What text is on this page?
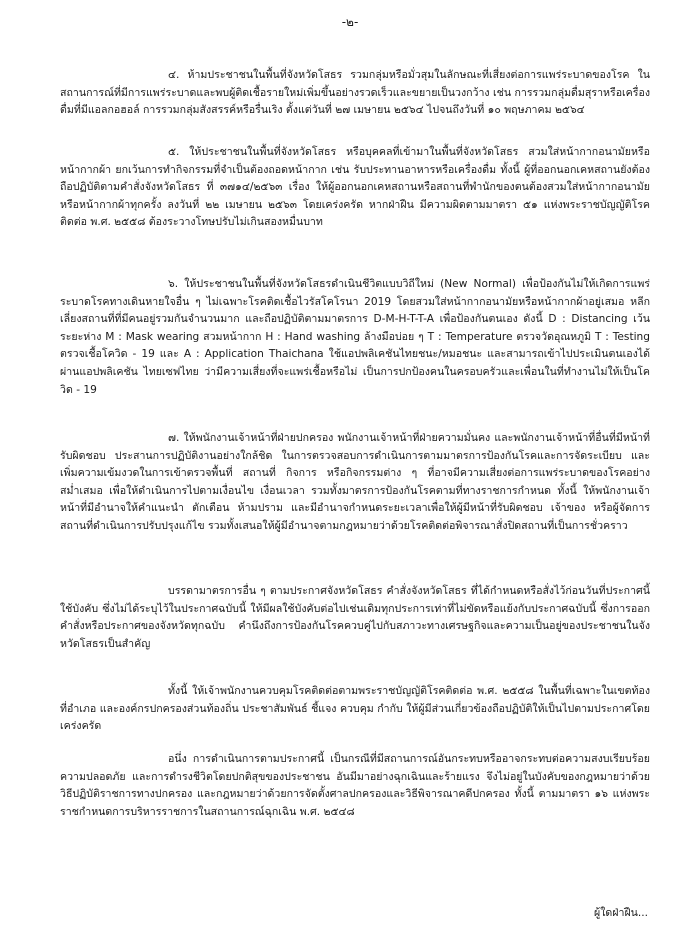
-๒-

๔. ห้ามประชาชนในพื้นที่จังหวัดโสธร รวมกลุ่มหรือมั่วสุมในลักษณะที่เสี่ยงต่อการแพร่ระบาดของโรค ในสถานการณ์ที่มีการแพร่ระบาดและพบผู้ติดเชื้อรายใหม่เพิ่มขึ้นอย่างรวดเร็วและขยายเป็นวงกว้าง เช่น การรวมกลุ่มดื่มสุราหรือเครื่องดื่มที่มีแอลกอฮอล์ การรวมกลุ่มสังสรรค์หรือรื่นเริง ตั้งแต่วันที่ ๒๗ เมษายน ๒๕๖๔ ไปจนถึงวันที่ ๑๐ พฤษภาคม ๒๕๖๔

๕. ให้ประชาชนในพื้นที่จังหวัดโสธร หรือบุคคลที่เข้ามาในพื้นที่จังหวัดโสธร สวมใส่หน้ากากอนามัยหรือหน้ากากผ้า ยกเว้นการทำกิจกรรมที่จำเป็นต้องถอดหน้ากาก เช่น รับประทานอาหารหรือเครื่องดื่ม ทั้งนี้ ผู้ที่ออกนอกเคหสถานยังต้องถือปฏิบัติตามคำสั่งจังหวัดโสธร ที่ ๓๗๑๔/๒๕๖๓ เรื่อง ให้ผู้ออกนอกเคหสถานหรือสถานที่พำนักของตนต้องสวมใส่หน้ากากอนามัยหรือหน้ากากผ้าทุกครั้ง ลงวันที่ ๒๒ เมษายน ๒๕๖๓ โดยเคร่งครัด หากฝ่าฝืน มีความผิดตามมาตรา ๕๑ แห่งพระราชบัญญัติโรคติดต่อ พ.ศ. ๒๕๕๘ ต้องระวางโทษปรับไม่เกินสองหมื่นบาท

๖. ให้ประชาชนในพื้นที่จังหวัดโสธรดำเนินชีวิตแบบวิถีใหม่ (New Normal) เพื่อป้องกันไม่ให้เกิดการแพร่ระบาดโรคทางเดินหายใจอื่น ๆ ไม่เฉพาะโรคติดเชื้อไวรัสโคโรนา 2019 โดยสวมใส่หน้ากากอนามัยหรือหน้ากากผ้าอยู่เสมอ หลีกเลี่ยงสถานที่ที่มีคนอยู่รวมกันจำนวนมาก และถือปฏิบัติตามมาตรการ D-M-H-T-T-A เพื่อป้องกันตนเอง ดังนี้ D : Distancing เว้นระยะห่าง M : Mask wearing สวมหน้ากาก H : Hand washing ล้างมือบ่อย ๆ T : Temperature ตรวจวัดอุณหภูมิ T : Testing ตรวจเชื้อโควิด - 19 และ A : Application Thaichana ใช้แอปพลิเคชันไทยชนะ/หมอชนะ และสามารถเข้าไปประเมินตนเองได้ผ่านแอปพลิเคชัน ไทยเซฟไทย ว่ามีความเสี่ยงที่จะแพร่เชื้อหรือไม่ เป็นการปกป้องคนในครอบครัวและเพื่อนในที่ทำงานไม่ให้เป็นโควิด - 19

๗. ให้พนักงานเจ้าหน้าที่ฝ่ายปกครอง พนักงานเจ้าหน้าที่ฝ่ายความมั่นคง และพนักงานเจ้าหน้าที่อื่นที่มีหน้าที่รับผิดชอบ ประสานการปฏิบัติงานอย่างใกล้ชิด ในการตรวจสอบการดำเนินการตามมาตรการป้องกันโรคและการจัดระเบียบ และเพิ่มความเข้มงวดในการเข้าตรวจพื้นที่ สถานที่ กิจการ หรือกิจกรรมต่าง ๆ ที่อาจมีความเสี่ยงต่อการแพร่ระบาดของโรคอย่างสม่ำเสมอ เพื่อให้ดำเนินการไปตามเงื่อนไข เงื่อนเวลา รวมทั้งมาตรการป้องกันโรคตามที่ทางราชการกำหนด ทั้งนี้ ให้พนักงานเจ้าหน้าที่มีอำนาจให้คำแนะนำ ตักเตือน ห้ามปราม และมีอำนาจกำหนดระยะเวลาเพื่อให้ผู้มีหน้าที่รับผิดชอบ เจ้าของ หรือผู้จัดการสถานที่ดำเนินการปรับปรุงแก้ไข รวมทั้งเสนอให้ผู้มีอำนาจตามกฎหมายว่าด้วยโรคติดต่อพิจารณาสั่งปิดสถานที่เป็นการชั่วคราว

บรรดามาตรการอื่น ๆ ตามประกาศจังหวัดโสธร คำสั่งจังหวัดโสธร ที่ได้กำหนดหรือสั่งไว้ก่อนวันที่ประกาศนี้ใช้บังคับ ซึ่งไม่ได้ระบุไว้ในประกาศฉบับนี้ ให้มีผลใช้บังคับต่อไปเช่นเดิมทุกประการเท่าที่ไม่ขัดหรือแย้งกับประกาศฉบับนี้ ซึ่งการออกคำสั่งหรือประกาศของจังหวัดทุกฉบับ คำนึงถึงการป้องกันโรคควบคู่ไปกับสภาวะทางเศรษฐกิจและความเป็นอยู่ของประชาชนในจังหวัดโสธรเป็นสำคัญ

ทั้งนี้ ให้เจ้าพนักงานควบคุมโรคติดต่อตามพระราชบัญญัติโรคติดต่อ พ.ศ. ๒๕๕๘ ในพื้นที่เฉพาะในเขตท้องที่อำเภอ และองค์กรปกครองส่วนท้องถิ่น ประชาสัมพันธ์ ชี้แจง ควบคุม กำกับ ให้ผู้มีส่วนเกี่ยวข้องถือปฏิบัติให้เป็นไปตามประกาศโดยเคร่งครัด

อนึ่ง การดำเนินการตามประกาศนี้ เป็นกรณีที่มีสถานการณ์อันกระทบหรืออาจกระทบต่อความสงบเรียบร้อย ความปลอดภัย และการดำรงชีวิตโดยปกติสุขของประชาชน อันมีมาอย่างฉุกเฉินและร้ายแรง จึงไม่อยู่ในบังคับของกฎหมายว่าด้วยวิธีปฏิบัติราชการทางปกครอง และกฎหมายว่าด้วยการจัดตั้งศาลปกครองและวิธีพิจารณาคดีปกครอง ทั้งนี้ ตามมาตรา ๑๖ แห่งพระราชกำหนดการบริหารราชการในสถานการณ์ฉุกเฉิน พ.ศ. ๒๕๔๘

ผู้ใดฝ่าฝืน...
